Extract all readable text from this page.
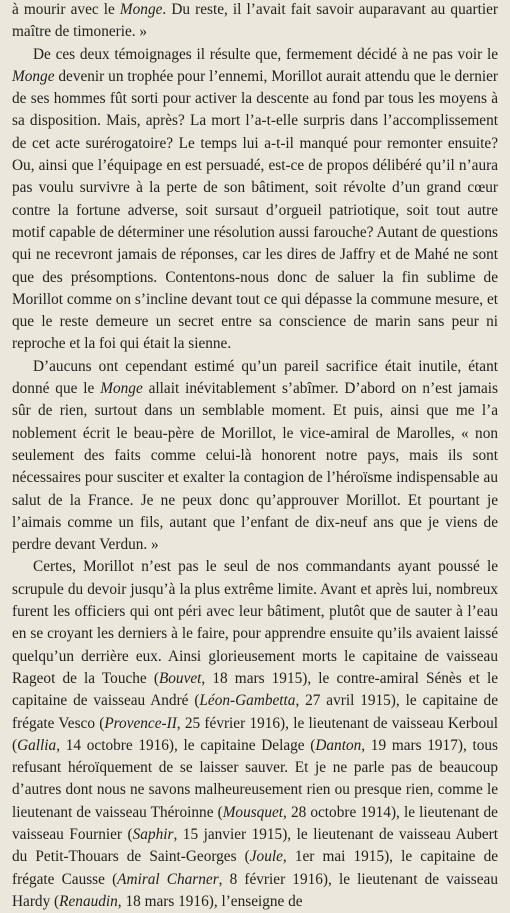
à mourir avec le Monge. Du reste, il l’avait fait savoir auparavant au quartier maître de timonerie. »

De ces deux témoignages il résulte que, fermement décidé à ne pas voir le Monge devenir un trophée pour l’ennemi, Morillot aurait attendu que le dernier de ses hommes fût sorti pour activer la descente au fond par tous les moyens à sa disposition. Mais, après? La mort l’a-t-elle surpris dans l’accomplissement de cet acte surérogatoire? Le temps lui a-t-il manqué pour remonter ensuite? Ou, ainsi que l’équipage en est persuadé, est-ce de propos délibéré qu’il n’aura pas voulu survivre à la perte de son bâtiment, soit révolte d’un grand cœur contre la fortune adverse, soit sursaut d’orgueil patriotique, soit tout autre motif capable de déterminer une résolution aussi farouche? Autant de questions qui ne recevront jamais de réponses, car les dires de Jaffry et de Mahé ne sont que des présomptions. Contentons-nous donc de saluer la fin sublime de Morillot comme on s’incline devant tout ce qui dépasse la commune mesure, et que le reste demeure un secret entre sa conscience de marin sans peur ni reproche et la foi qui était la sienne.

D’aucuns ont cependant estimé qu’un pareil sacrifice était inutile, étant donné que le Monge allait inévitablement s’abîmer. D’abord on n’est jamais sûr de rien, surtout dans un semblable moment. Et puis, ainsi que me l’a noblement écrit le beau-père de Morillot, le vice-amiral de Marolles, « non seulement des faits comme celui-là honorent notre pays, mais ils sont nécessaires pour susciter et exalter la contagion de l’héroïsme indispensable au salut de la France. Je ne peux donc qu’approuver Morillot. Et pourtant je l’aimais comme un fils, autant que l’enfant de dix-neuf ans que je viens de perdre devant Verdun. »

Certes, Morillot n’est pas le seul de nos commandants ayant poussé le scrupule du devoir jusqu’à la plus extrême limite. Avant et après lui, nombreux furent les officiers qui ont péri avec leur bâtiment, plutôt que de sauter à l’eau en se croyant les derniers à le faire, pour apprendre ensuite qu’ils avaient laissé quelqu’un derrière eux. Ainsi glorieusement morts le capitaine de vaisseau Rageot de la Touche (Bouvet, 18 mars 1915), le contre-amiral Sénès et le capitaine de vaisseau André (Léon-Gambetta, 27 avril 1915), le capitaine de frégate Vesco (Provence-II, 25 février 1916), le lieutenant de vaisseau Kerboul (Gallia, 14 octobre 1916), le capitaine Delage (Danton, 19 mars 1917), tous refusant héroïquement de se laisser sauver. Et je ne parle pas de beaucoup d’autres dont nous ne savons malheureusement rien ou presque rien, comme le lieutenant de vaisseau Théroinne (Mousquet, 28 octobre 1914), le lieutenant de vaisseau Fournier (Saphir, 15 janvier 1915), le lieutenant de vaisseau Aubert du Petit-Thouars de Saint-Georges (Joule, 1er mai 1915), le capitaine de frégate Causse (Amiral Charner, 8 février 1916), le lieutenant de vaisseau Hardy (Renaudin, 18 mars 1916), l’enseigne de
